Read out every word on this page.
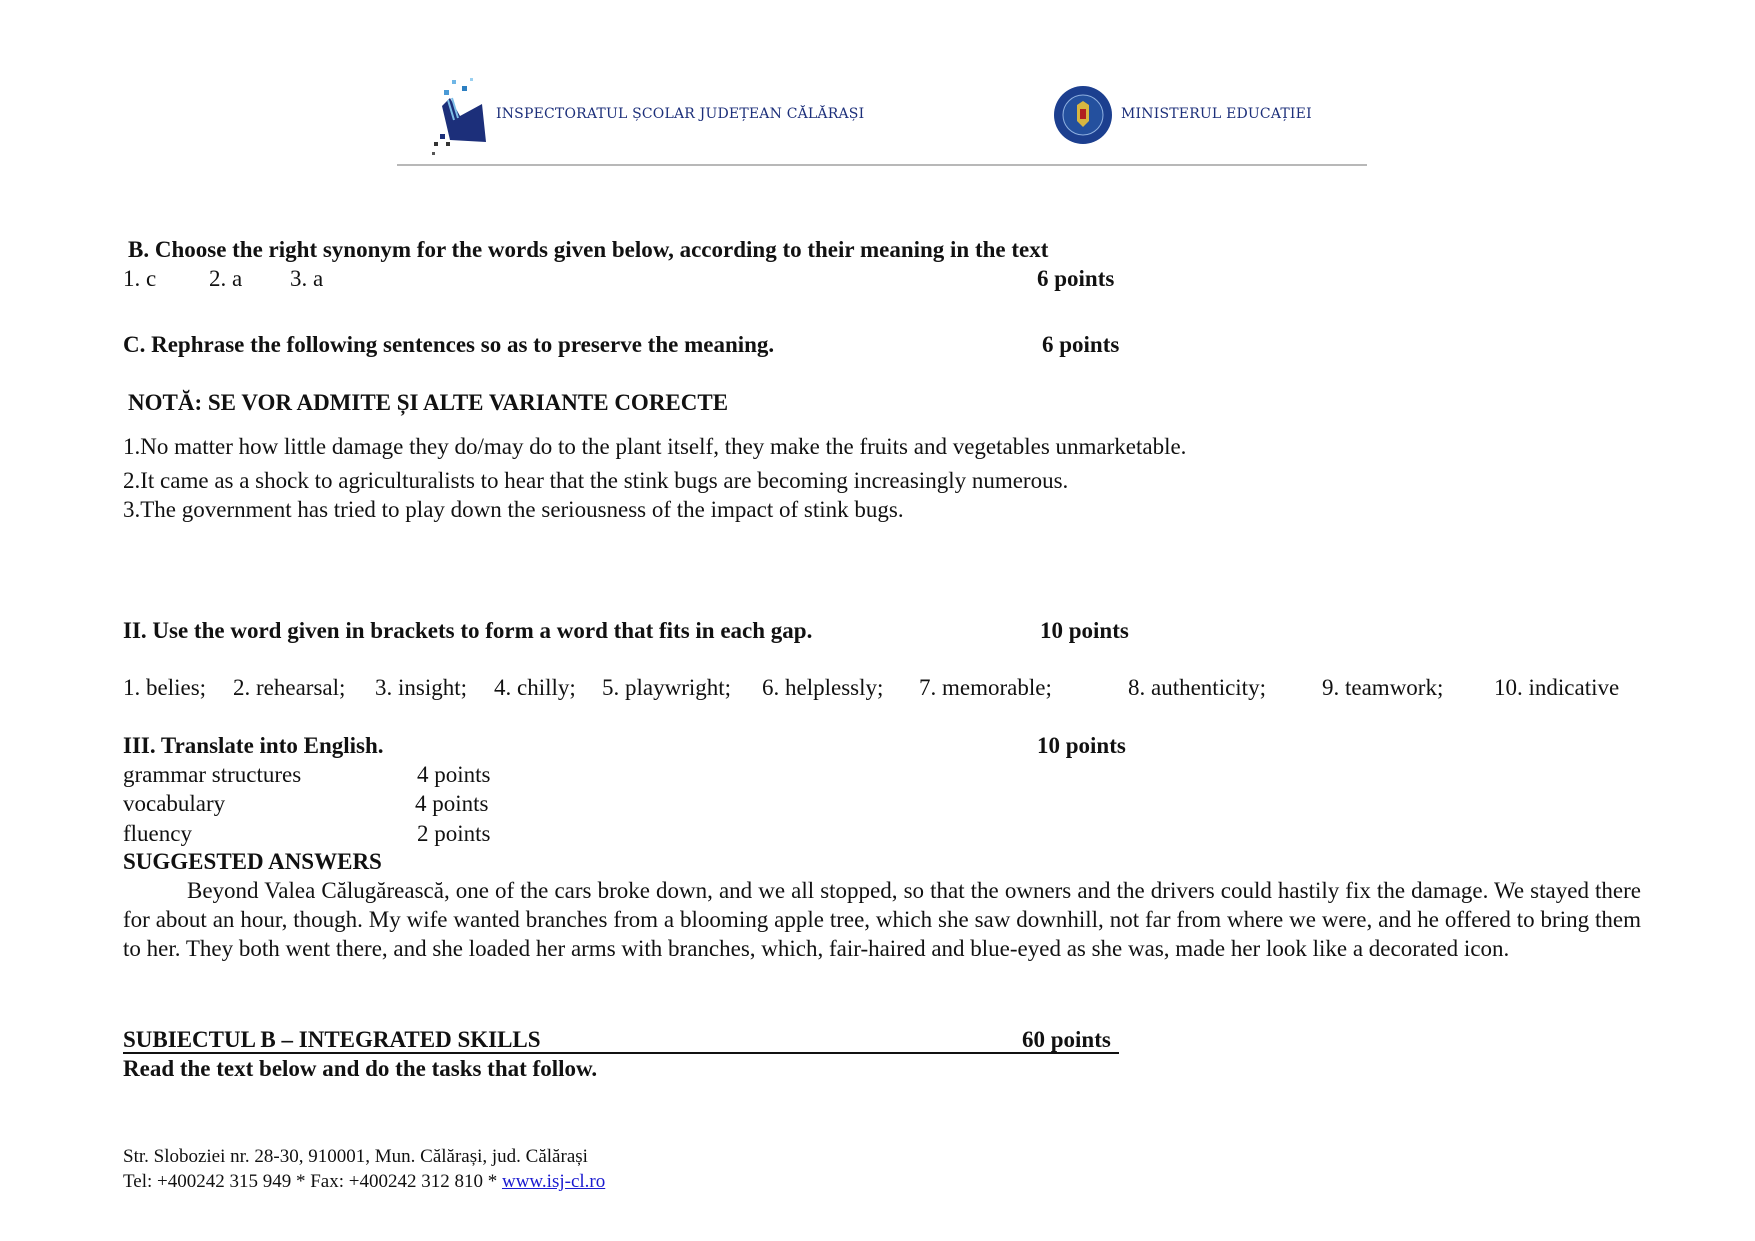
INSPECTORATUL ȘCOLAR JUDEȚEAN CĂLĂRAȘI	MINISTERUL EDUCAȚIEI
B. Choose the right synonym for the words given below, according to their meaning in the text
1. c 2. a 3. a	6 points
C. Rephrase the following sentences so as to preserve the meaning.	6 points
NOTĂ: SE VOR ADMITE ȘI ALTE VARIANTE CORECTE
1.No matter how little damage they do/may do to the plant itself, they make the fruits and vegetables unmarketable.
2.It came as a shock to agriculturalists to hear that the stink bugs are becoming increasingly numerous.
3.The government has tried to play down the seriousness of the impact of stink bugs.
II. Use the word given in brackets to form a word that fits in each gap.	10 points
1. belies; 2. rehearsal; 3. insight; 4. chilly; 5. playwright; 6. helplessly; 7. memorable;	8. authenticity; 9. teamwork; 10. indicative
III. Translate into English.	10 points
grammar structures	4 points
vocabulary	4 points
fluency	2 points
SUGGESTED ANSWERS
Beyond Valea Călugărească, one of the cars broke down, and we all stopped, so that the owners and the drivers could hastily fix the damage. We stayed there for about an hour, though. My wife wanted branches from a blooming apple tree, which she saw downhill, not far from where we were, and he offered to bring them to her. They both went there, and she loaded her arms with branches, which, fair-haired and blue-eyed as she was, made her look like a decorated icon.
SUBIECTUL B – INTEGRATED SKILLS	60 points
Read the text below and do the tasks that follow.
Str. Sloboziei nr. 28-30, 910001, Mun. Călărași, jud. Călărași
Tel: +400242 315 949 * Fax: +400242 312 810 * www.isj-cl.ro
